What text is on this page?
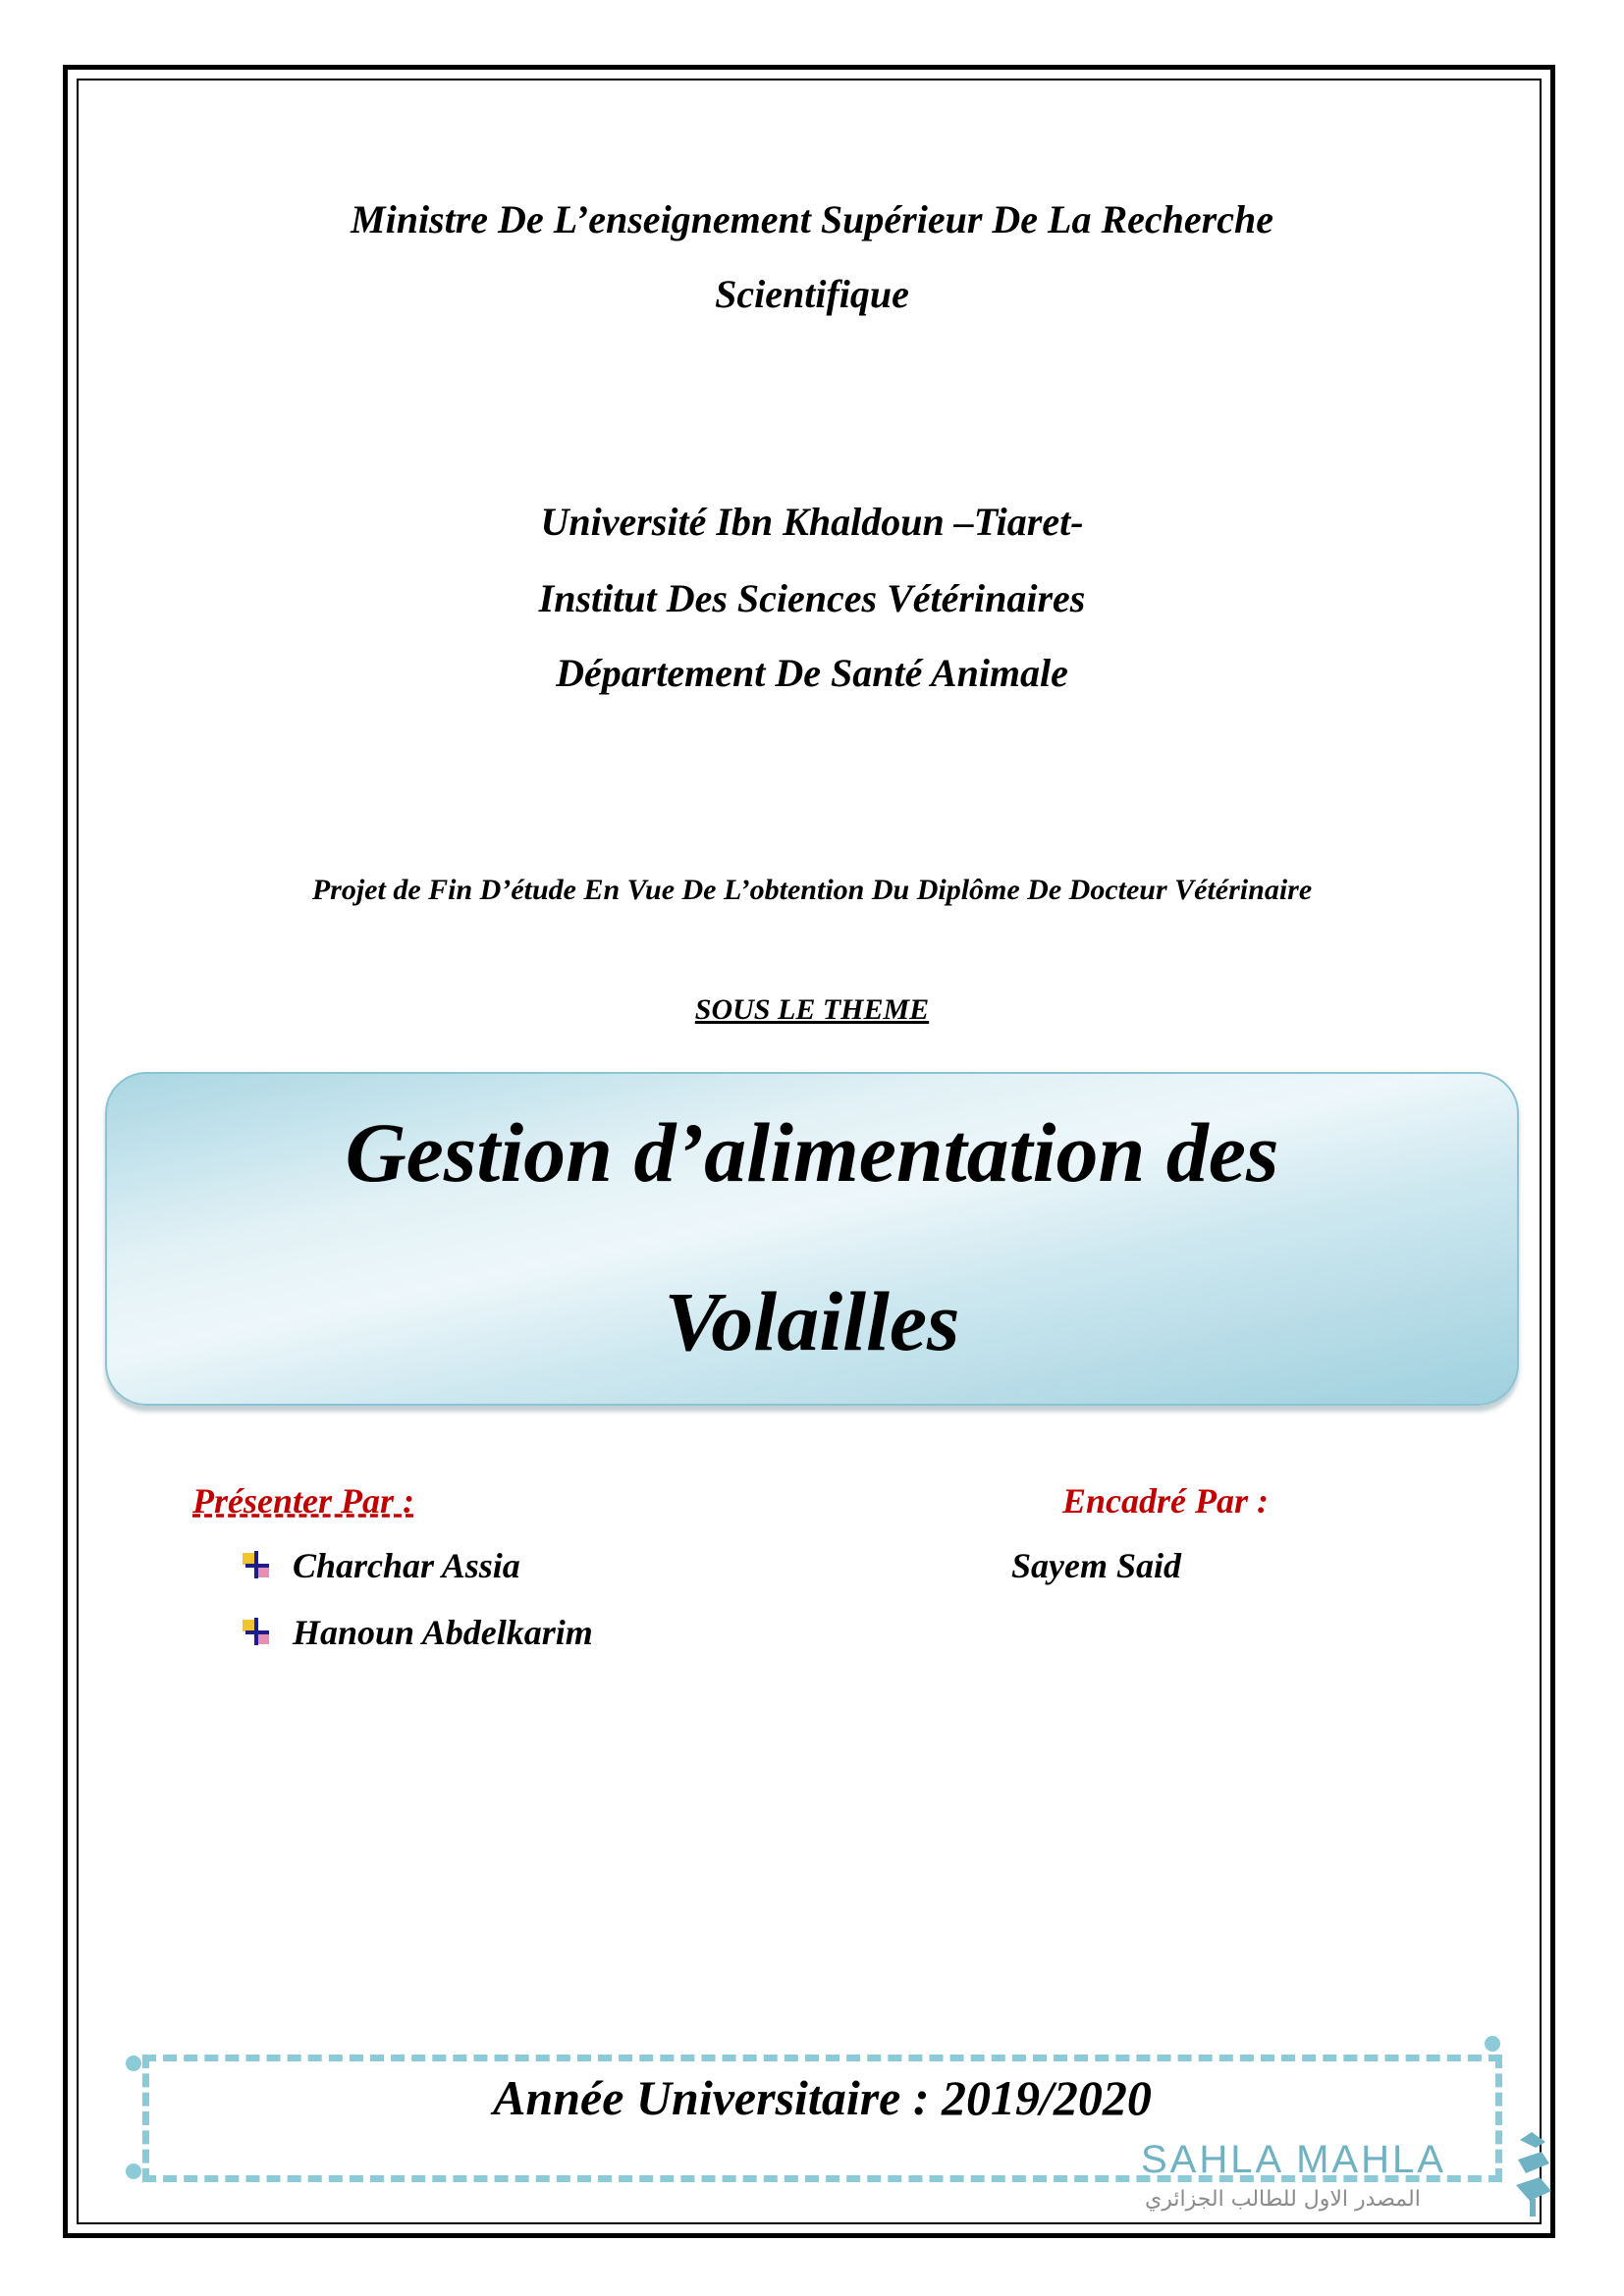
Ministre De L’enseignement Supérieur De La Recherche
Scientifique
Université Ibn Khaldoun –Tiaret-
Institut Des Sciences Vétérinaires
Département De Santé Animale
Projet de Fin D’étude En Vue De L’obtention Du Diplôme De Docteur Vétérinaire
SOUS LE THEME
Gestion d’alimentation des
Volailles
Présenter Par :	Encadré Par :
Charchar Assia
Hanoun Abdelkarim
Sayem Said
Année Universitaire : 2019/2020
SAHLA MAHLA
المصدر الاول للطالب الجزائري
